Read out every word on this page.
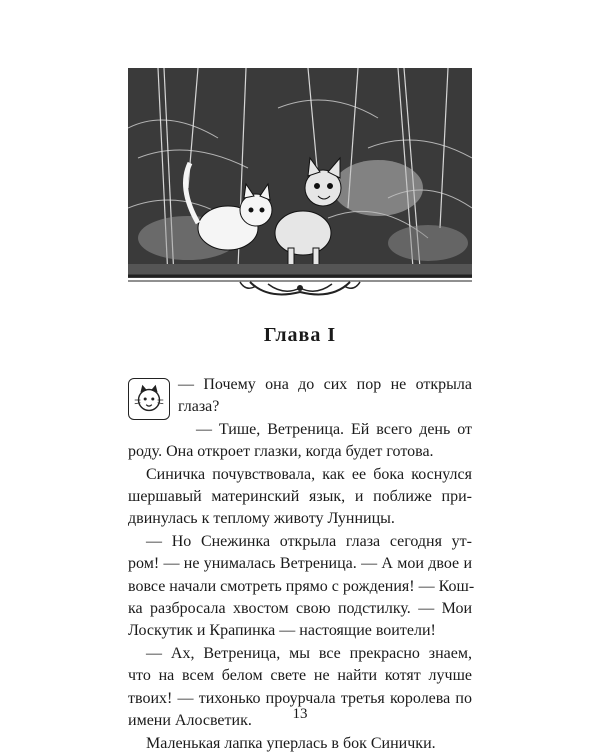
Глава I

— Почему она до сих пор не открыла
глаза?

— Тише, Ветреница. Ей всего день от
роду. Она откроет глазки, когда будет готова.

Синичка почувствовала, как ее бока коснулся
шершавый материнский язык, и поближе при-
двинулась к теплому животу Лунницы.

— Но Снежинка открыла глаза сегодня ут-
ром! — не унималась Ветреница. — А мои двое и
вовсе начали смотреть прямо с рождения! — Кош-
ка разбросала хвостом свою подстилку. — Мои
Лоскутик и Крапинка — настоящие воители!

— Ах, Ветреница, мы все прекрасно знаем,
что на всем белом свете не найти котят лучше
твоих! — тихонько проурчала третья королева по
имени Алосветик.

Маленькая лапка уперлась в бок Синички.

13
